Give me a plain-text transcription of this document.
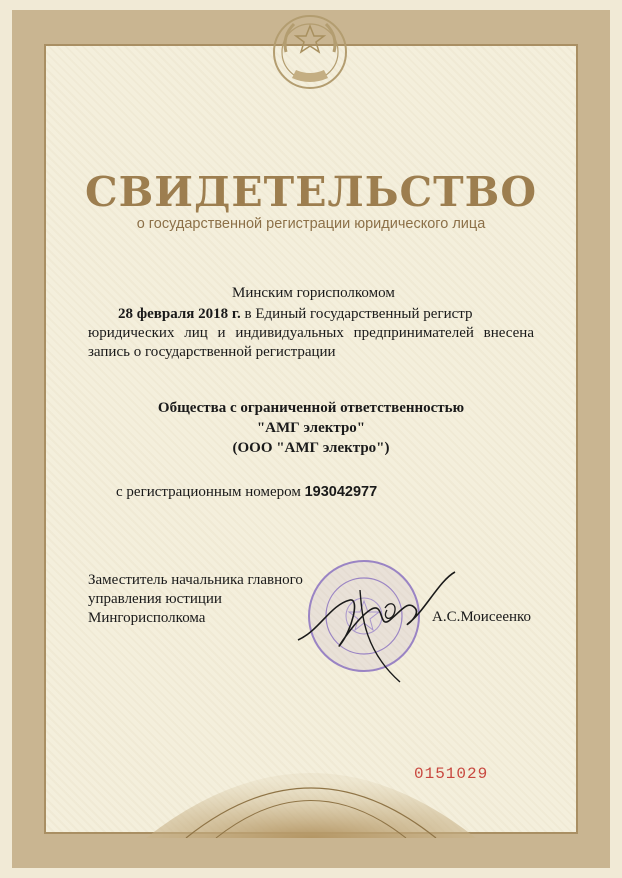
СВИДЕТЕЛЬСТВО
о государственной регистрации юридического лица
Минским горисполкомом
28 февраля 2018 г. в Единый государственный регистр
юридических лиц и индивидуальных предпринимателей внесена
запись о государственной регистрации
Общества с ограниченной ответственностью
"АМГ электро"
(ООО "АМГ электро")
с регистрационным номером 193042977
Заместитель начальника главного
управления юстиции
Мингорисполкома	А.С.Моисеенко
0151029
